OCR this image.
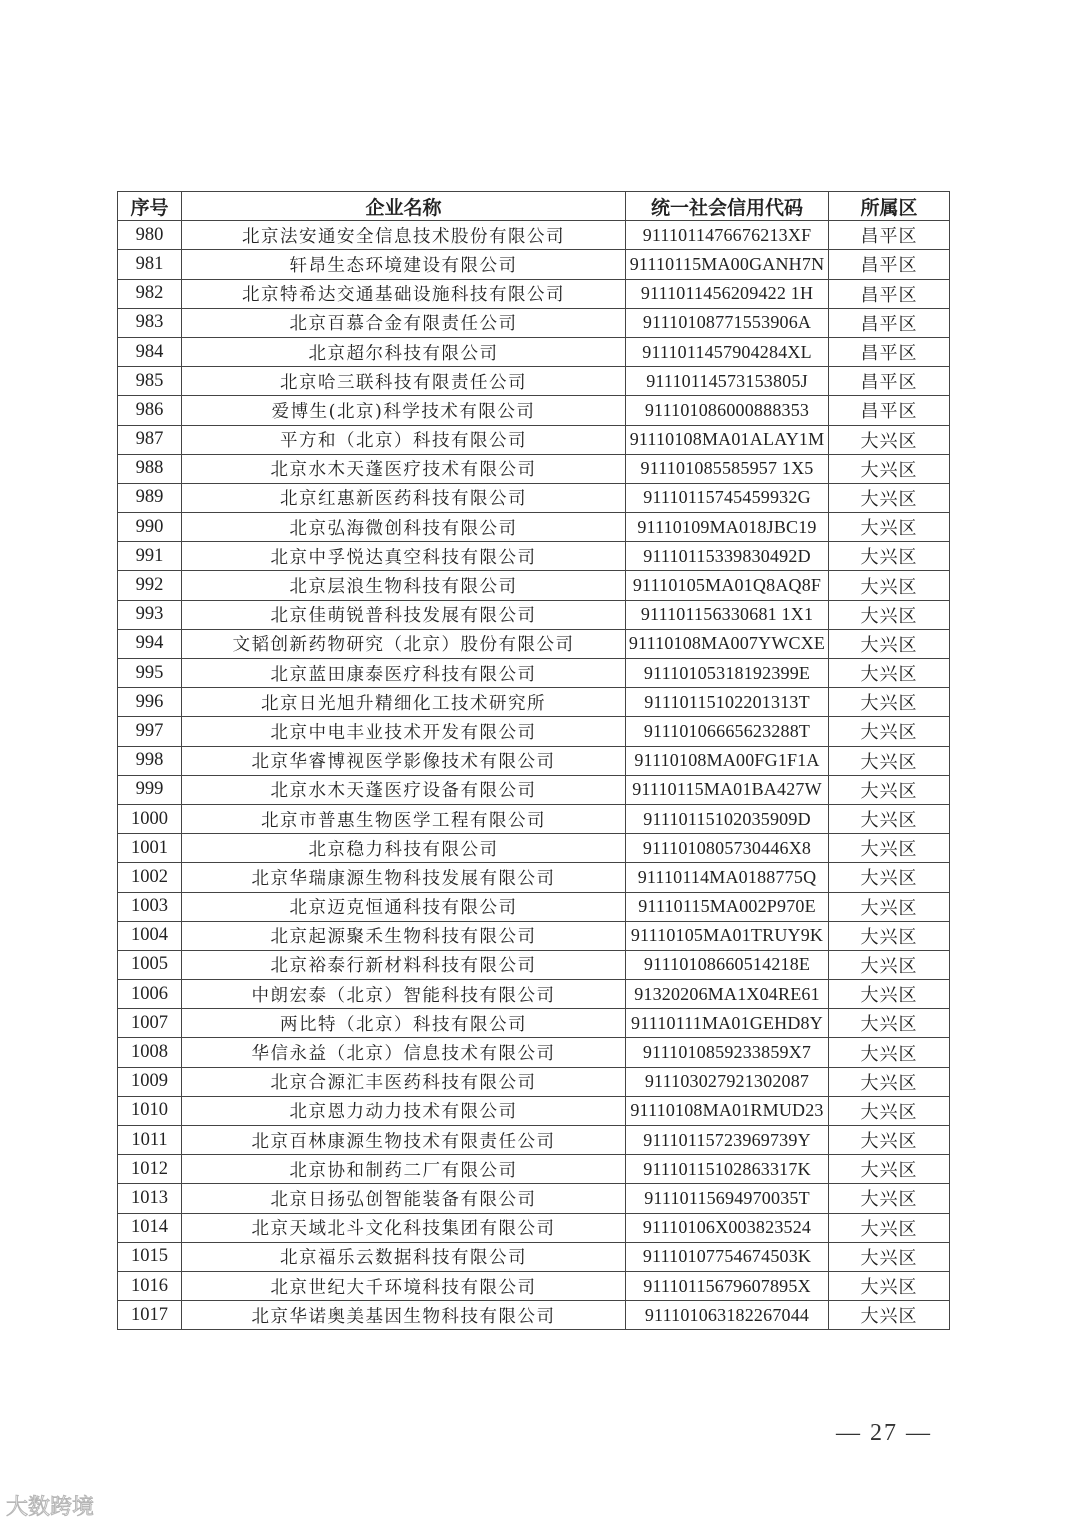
序号	企业名称	统一社会信用代码	所属区
980	北京法安通安全信息技术股份有限公司	9111011476676213XF	昌平区
981	轩昂生态环境建设有限公司	91110115MA00GANH7N	昌平区
982	北京特希达交通基础设施科技有限公司	9111011456209422 1H	昌平区
983	北京百慕合金有限责任公司	911101087715539​06A	昌平区
984	北京超尔科技有限公司	9111011457904284XL	昌平区
985	北京哈三联科技有限责任公司	911101145731538​05J	昌平区
986	爱博生(北京)科学技术有限公司	911101086000888353	昌平区
987	平方和（北京）科技有限公司	91110108MA01ALAY1M	大兴区
988	北京水木天蓬医疗技术有限公司	911101085585957 1X5	大兴区
989	北京红惠新医药科技有限公司	91110115745459932G	大兴区
990	北京弘海微创科技有限公司	91110109MA018JBC19	大兴区
991	北京中孚悦达真空科技有限公司	91110115339830492D	大兴区
992	北京层浪生物科技有限公司	91110105MA01Q8AQ8F	大兴区
993	北京佳萌锐普科技发展有限公司	911101156330681 1X1	大兴区
994	文韬创新药物研究（北京）股份有限公司	91110108MA007YWCXE	大兴区
995	北京蓝田康泰医疗科技有限公司	91110105318192399E	大兴区
996	北京日光旭升精细化工技术研究所	91110115102201313T	大兴区
997	北京中电丰业技术开发有限公司	91110106665623288T	大兴区
998	北京华睿博视医学影像技术有限公司	91110108MA00FG1F1A	大兴区
999	北京水木天蓬医疗设备有限公司	91110115MA01BA427W	大兴区
1000	北京市普惠生物医学工程有限公司	91110115102035909D	大兴区
1001	北京稳力科技有限公司	9111010805730446X8	大兴区
1002	北京华瑞康源生物科技发展有限公司	91110114MA0188775Q	大兴区
1003	北京迈克恒通科技有限公司	91110115MA002P970E	大兴区
1004	北京起源聚禾生物科技有限公司	91110105MA01TRUY9K	大兴区
1005	北京裕泰行新材料科技有限公司	91110108660514218E	大兴区
1006	中朗宏泰（北京）智能科技有限公司	91320206MA1X04RE61	大兴区
1007	两比特（北京）科技有限公司	91110111MA01GEHD8Y	大兴区
1008	华信永益（北京）信息技术有限公司	9111010859233859X7	大兴区
1009	北京合源汇丰医药科技有限公司	911103027921302087	大兴区
1010	北京恩力动力技术有限公司	91110108MA01RMUD23	大兴区
1011	北京百林康源生物技术有限责任公司	91110115723969739Y	大兴区
1012	北京协和制药二厂有限公司	91110115102863317K	大兴区
1013	北京日扬弘创智能装备有限公司	91110115694970035T	大兴区
1014	北京天域北斗文化科技集团有限公司	91110106X003823524	大兴区
1015	北京福乐云数据科技有限公司	91110107754674503K	大兴区
1016	北京世纪大千环境科技有限公司	91110115679607895X	大兴区
1017	北京华诺奥美基因生物科技有限公司	911101063182267044	大兴区
— 27 —
大数跨境
